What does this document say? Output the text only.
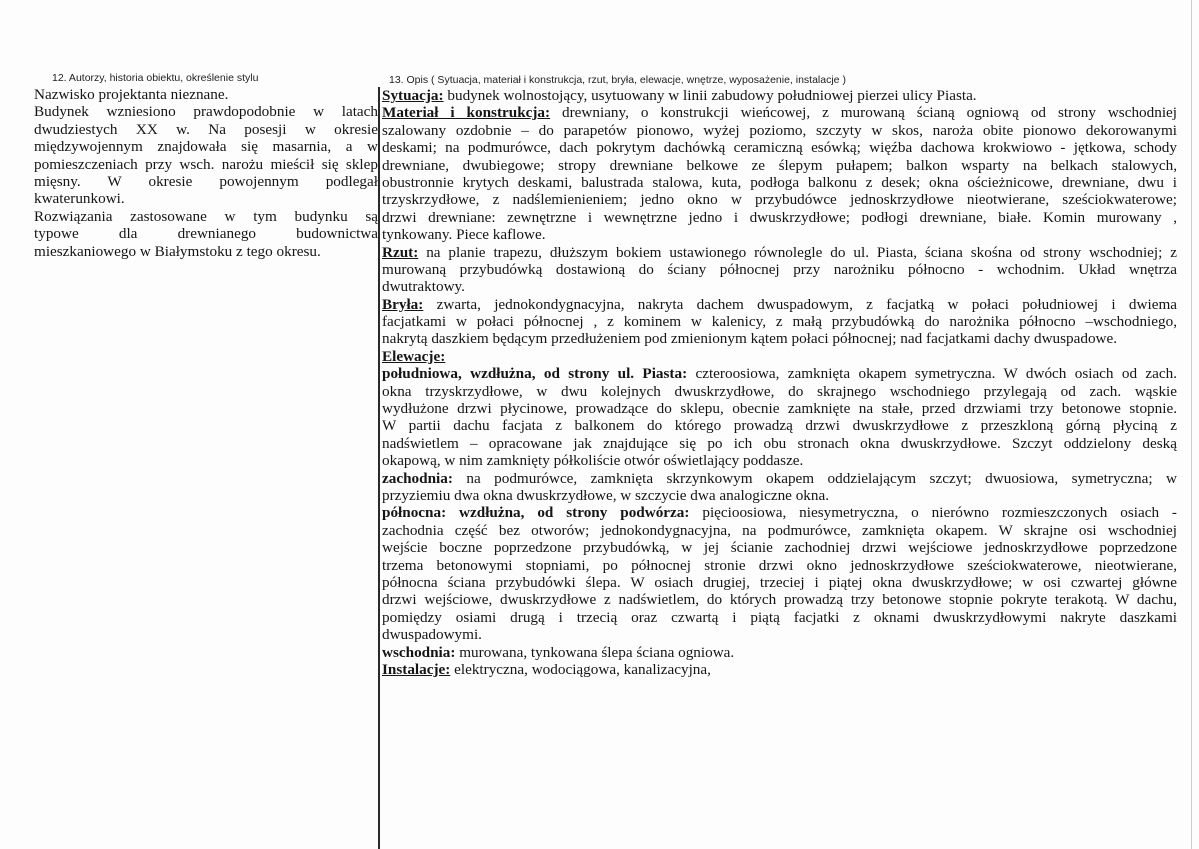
12. Autorzy, historia obiektu, określenie stylu	13. Opis ( Sytuacja, materiał i konstrukcja, rzut, bryła, elewacje, wnętrze, wyposażenie, instalacje )
Nazwisko projektanta nieznane.
Budynek wzniesiono prawdopodobnie w latach
dwudziestych XX w. Na posesji w okresie
międzywojennym znajdowała się masarnia, a w
pomieszczeniach przy wsch. narożu mieścił się sklep
mięsny. W okresie powojennym podlegał
kwaterunkowi.
Rozwiązania zastosowane w tym budynku są
typowe dla drewnianego budownictwa
mieszkaniowego w Białymstoku z tego okresu.
Sytuacja: budynek wolnostojący, usytuowany w linii zabudowy południowej pierzei ulicy Piasta.
Materiał i konstrukcja: drewniany, o konstrukcji wieńcowej, z murowaną ścianą ogniową od strony wschodniej
szalowany ozdobnie – do parapetów pionowo, wyżej poziomo, szczyty w skos, naroża obite pionowo dekorowanymi
deskami; na podmurówce, dach pokrytym dachówką ceramiczną esówką; więźba dachowa krokwiowo - jętkowa, schody
drewniane, dwubiegowe; stropy drewniane belkowe ze ślepym pułapem; balkon wsparty na belkach stalowych,
obustronnie krytych deskami, balustrada stalowa, kuta, podłoga balkonu z desek; okna ościeżnicowe, drewniane, dwu i
trzyskrzydłowe, z nadślemienieniem; jedno okno w przybudówce jednoskrzydłowe nieotwierane, sześciokwaterowe;
drzwi drewniane: zewnętrzne i wewnętrzne jedno i dwuskrzydłowe; podłogi drewniane, białe. Komin murowany ,
tynkowany. Piece kaflowe.
Rzut: na planie trapezu, dłuższym bokiem ustawionego równolegle do ul. Piasta, ściana skośna od strony wschodniej; z
murowaną przybudówką dostawioną do ściany północnej przy narożniku północno - wchodnim. Układ wnętrza
dwutraktowy.
Bryła: zwarta, jednokondygnacyjna, nakryta dachem dwuspadowym, z facjatką w połaci południowej i dwiema
facjatkami w połaci północnej , z kominem w kalenicy, z małą przybudówką do narożnika północno –wschodniego,
nakrytą daszkiem będącym przedłużeniem pod zmienionym kątem połaci północnej; nad facjatkami dachy dwuspadowe.
Elewacje:
południowa, wzdłużna, od strony ul. Piasta: czteroosiowa, zamknięta okapem symetryczna. W dwóch osiach od zach.
okna trzyskrzydłowe, w dwu kolejnych dwuskrzydłowe, do skrajnego wschodniego przylegają od zach. wąskie
wydłużone drzwi płycinowe, prowadzące do sklepu, obecnie zamknięte na stałe, przed drzwiami trzy betonowe stopnie.
W partii dachu facjata z balkonem do którego prowadzą drzwi dwuskrzydłowe z przeszkloną górną płyciną z
nadświetlem – opracowane jak znajdujące się po ich obu stronach okna dwuskrzydłowe. Szczyt oddzielony deską
okapową, w nim zamknięty półkoliście otwór oświetlający poddasze.
zachodnia: na podmurówce, zamknięta skrzynkowym okapem oddzielającym szczyt; dwuosiowa, symetryczna; w
przyziemiu dwa okna dwuskrzydłowe, w szczycie dwa analogiczne okna.
północna: wzdłużna, od strony podwórza: pięcioosiowa, niesymetryczna, o nierówno rozmieszczonych osiach -
zachodnia część bez otworów; jednokondygnacyjna, na podmurówce, zamknięta okapem. W skrajne osi wschodniej
wejście boczne poprzedzone przybudówką, w jej ścianie zachodniej drzwi wejściowe jednoskrzydłowe poprzedzone
trzema betonowymi stopniami, po północnej stronie drzwi okno jednoskrzydłowe sześciokwaterowe, nieotwierane,
północna ściana przybudówki ślepa. W osiach drugiej, trzeciej i piątej okna dwuskrzydłowe; w osi czwartej główne
drzwi wejściowe, dwuskrzydłowe z nadświetlem, do których prowadzą trzy betonowe stopnie pokryte terakotą. W dachu,
pomiędzy osiami drugą i trzecią oraz czwartą i piątą facjatki z oknami dwuskrzydłowymi nakryte daszkami
dwuspadowymi.
wschodnia: murowana, tynkowana ślepa ściana ogniowa.
Instalacje: elektryczna, wodociągowa, kanalizacyjna,
